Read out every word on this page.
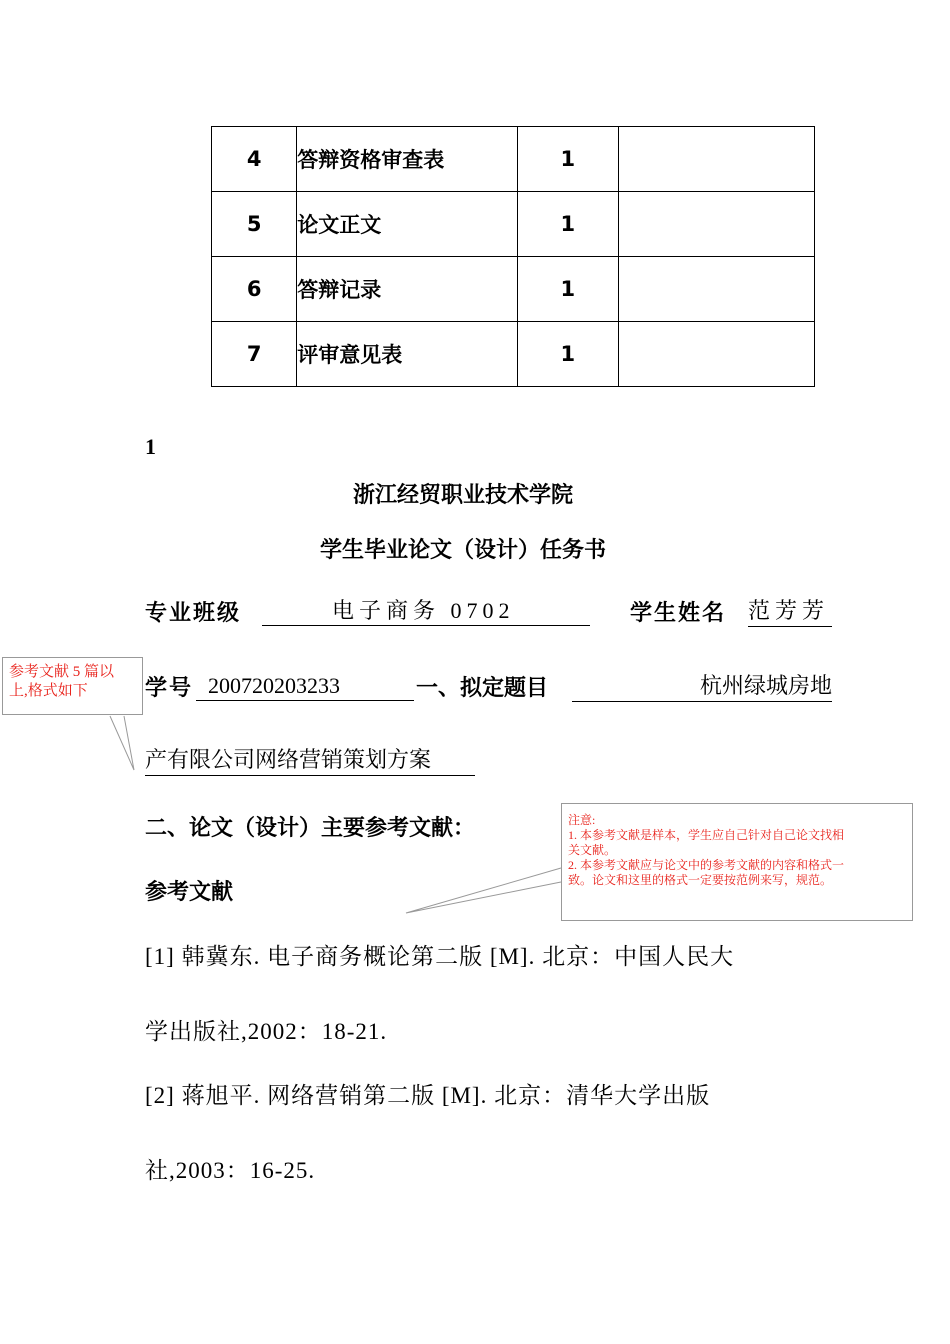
4	答辩资格审查表	1	
5	论文正文	1	
6	答辩记录	1	
7	评审意见表	1	
1
浙江经贸职业技术学院
学生毕业论文（设计）任务书
专业班级	电子商务 0702	学生姓名 范芳芳
学号 200720203233	一、拟定题目	杭州绿城房地
产有限公司网络营销策划方案
二、论文（设计）主要参考文献：
参考文献
[1] 韩冀东. 电子商务概论第二版 [M]. 北京：中国人民大
学出版社,2002：18-21.
[2] 蒋旭平. 网络营销第二版 [M]. 北京：清华大学出版
社,2003：16-25.
参考文献 5 篇以
上,格式如下
注意:
1. 本参考文献是样本，学生应自己针对自己论文找相
关文献。
2. 本参考文献应与论文中的参考文献的内容和格式一
致。论文和这里的格式一定要按范例来写，规范。
